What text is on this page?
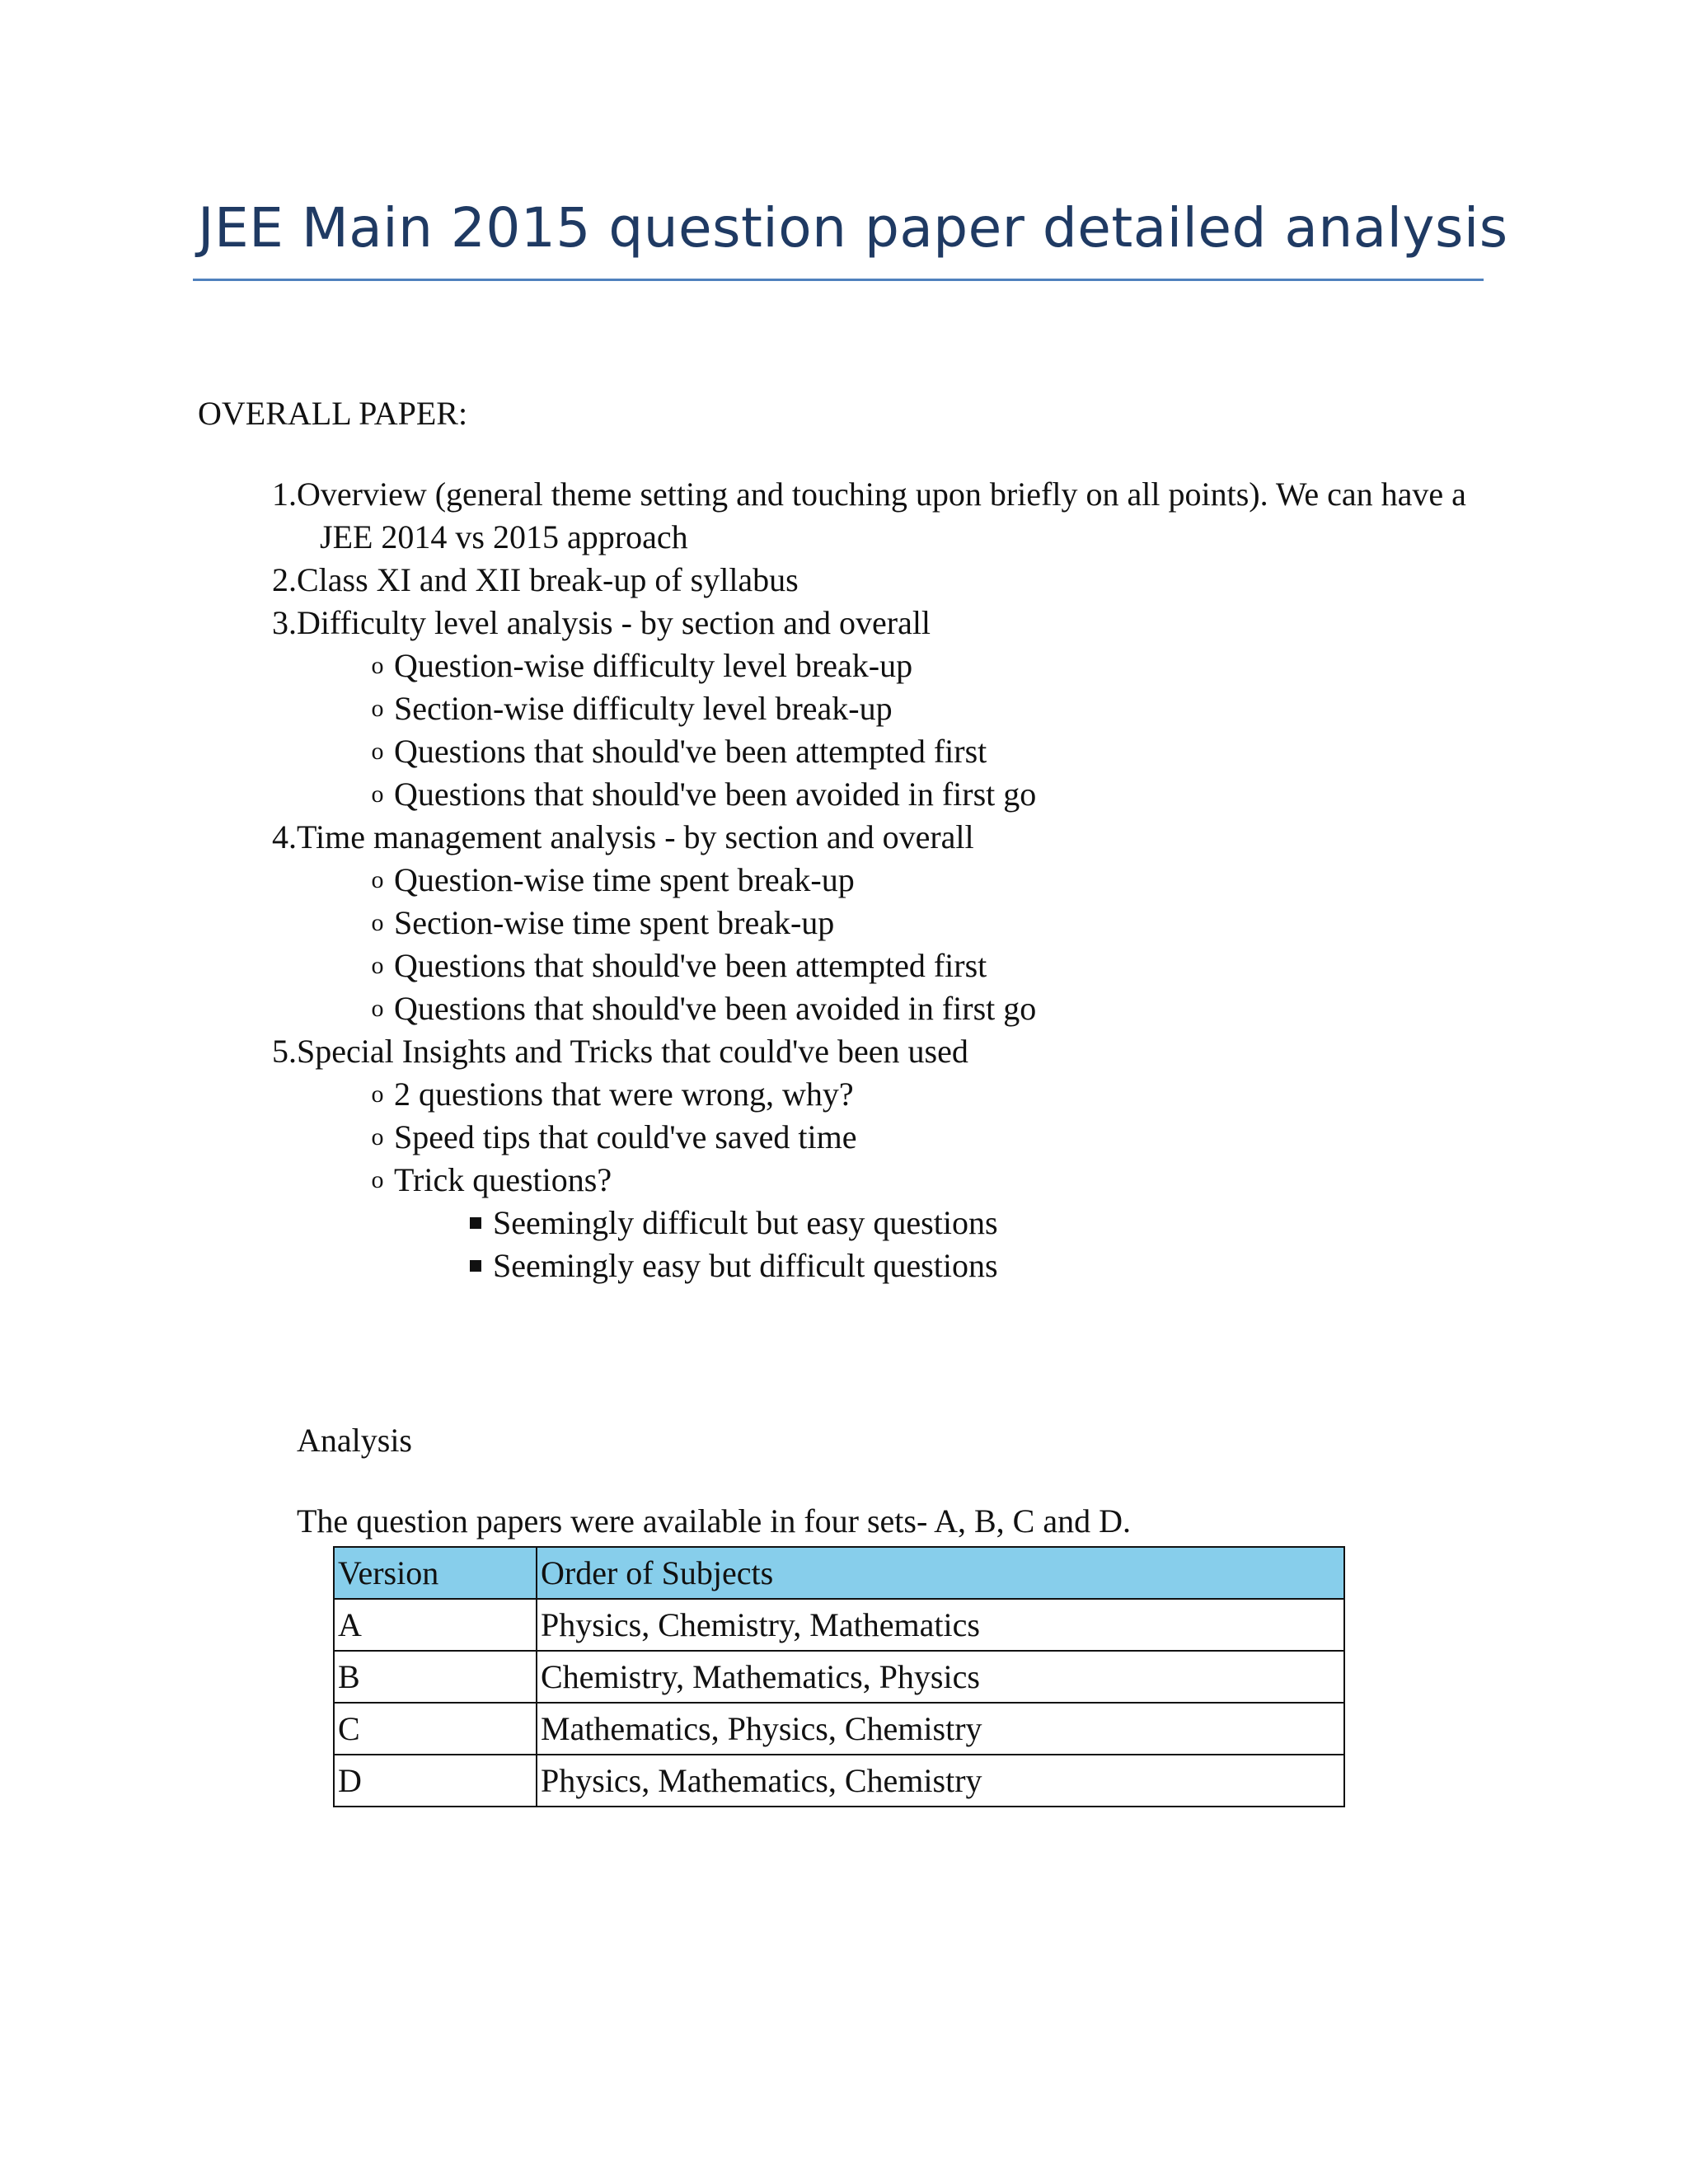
JEE Main 2015 question paper detailed analysis
OVERALL PAPER:
1. Overview (general theme setting and touching upon briefly on all points). We can have a
JEE 2014 vs 2015 approach
2. Class XI and XII break-up of syllabus
3. Difficulty level analysis - by section and overall
o Question-wise difficulty level break-up
o Section-wise difficulty level break-up
o Questions that should've been attempted first
o Questions that should've been avoided in first go
4. Time management analysis - by section and overall
o Question-wise time spent break-up
o Section-wise time spent break-up
o Questions that should've been attempted first
o Questions that should've been avoided in first go
5. Special Insights and Tricks that could've been used
o 2 questions that were wrong, why?
o Speed tips that could've saved time
o Trick questions?
Seemingly difficult but easy questions
Seemingly easy but difficult questions
Analysis
The question papers were available in four sets- A, B, C and D.
Version	Order of Subjects
A	Physics, Chemistry, Mathematics
B	Chemistry, Mathematics, Physics
C	Mathematics, Physics, Chemistry
D	Physics, Mathematics, Chemistry
